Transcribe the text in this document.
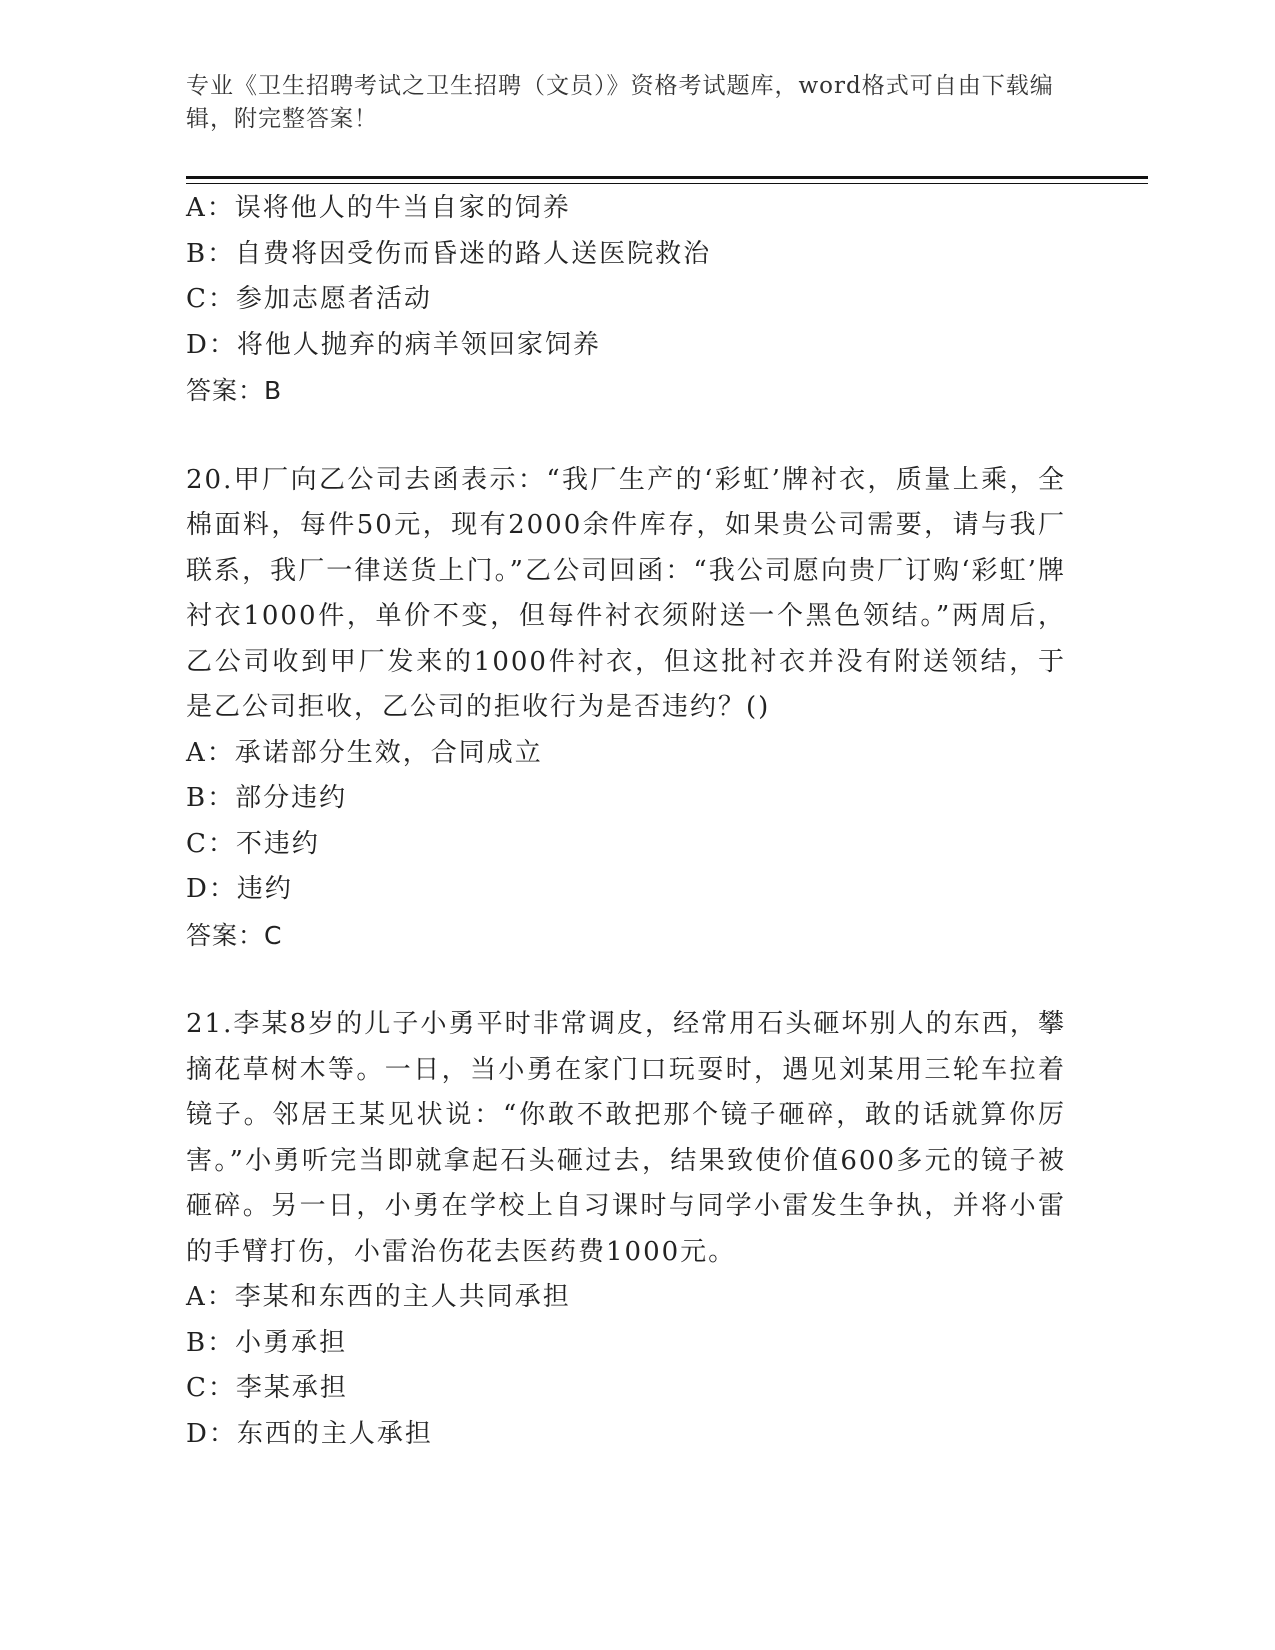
专业《卫生招聘考试之卫生招聘（文员）》资格考试题库，word格式可自由下载编辑，附完整答案！
A：误将他人的牛当自家的饲养
B：自费将因受伤而昏迷的路人送医院救治
C：参加志愿者活动
D：将他人抛弃的病羊领回家饲养
答案：B
20.甲厂向乙公司去函表示：“我厂生产的‘彩虹’牌衬衣，质量上乘，全棉面料，每件50元，现有2000余件库存，如果贵公司需要，请与我厂联系，我厂一律送货上门。”乙公司回函：“我公司愿向贵厂订购‘彩虹’牌衬衣1000件，单价不变，但每件衬衣须附送一个黑色领结。”两周后，乙公司收到甲厂发来的1000件衬衣，但这批衬衣并没有附送领结，于是乙公司拒收，乙公司的拒收行为是否违约？()
A：承诺部分生效，合同成立
B：部分违约
C：不违约
D：违约
答案：C
21.李某8岁的儿子小勇平时非常调皮，经常用石头砸坏别人的东西，攀摘花草树木等。一日，当小勇在家门口玩耍时，遇见刘某用三轮车拉着镜子。邻居王某见状说：“你敢不敢把那个镜子砸碎，敢的话就算你厉害。”小勇听完当即就拿起石头砸过去，结果致使价值600多元的镜子被砸碎。另一日，小勇在学校上自习课时与同学小雷发生争执，并将小雷的手臂打伤，小雷治伤花去医药费1000元。
A：李某和东西的主人共同承担
B：小勇承担
C：李某承担
D：东西的主人承担
